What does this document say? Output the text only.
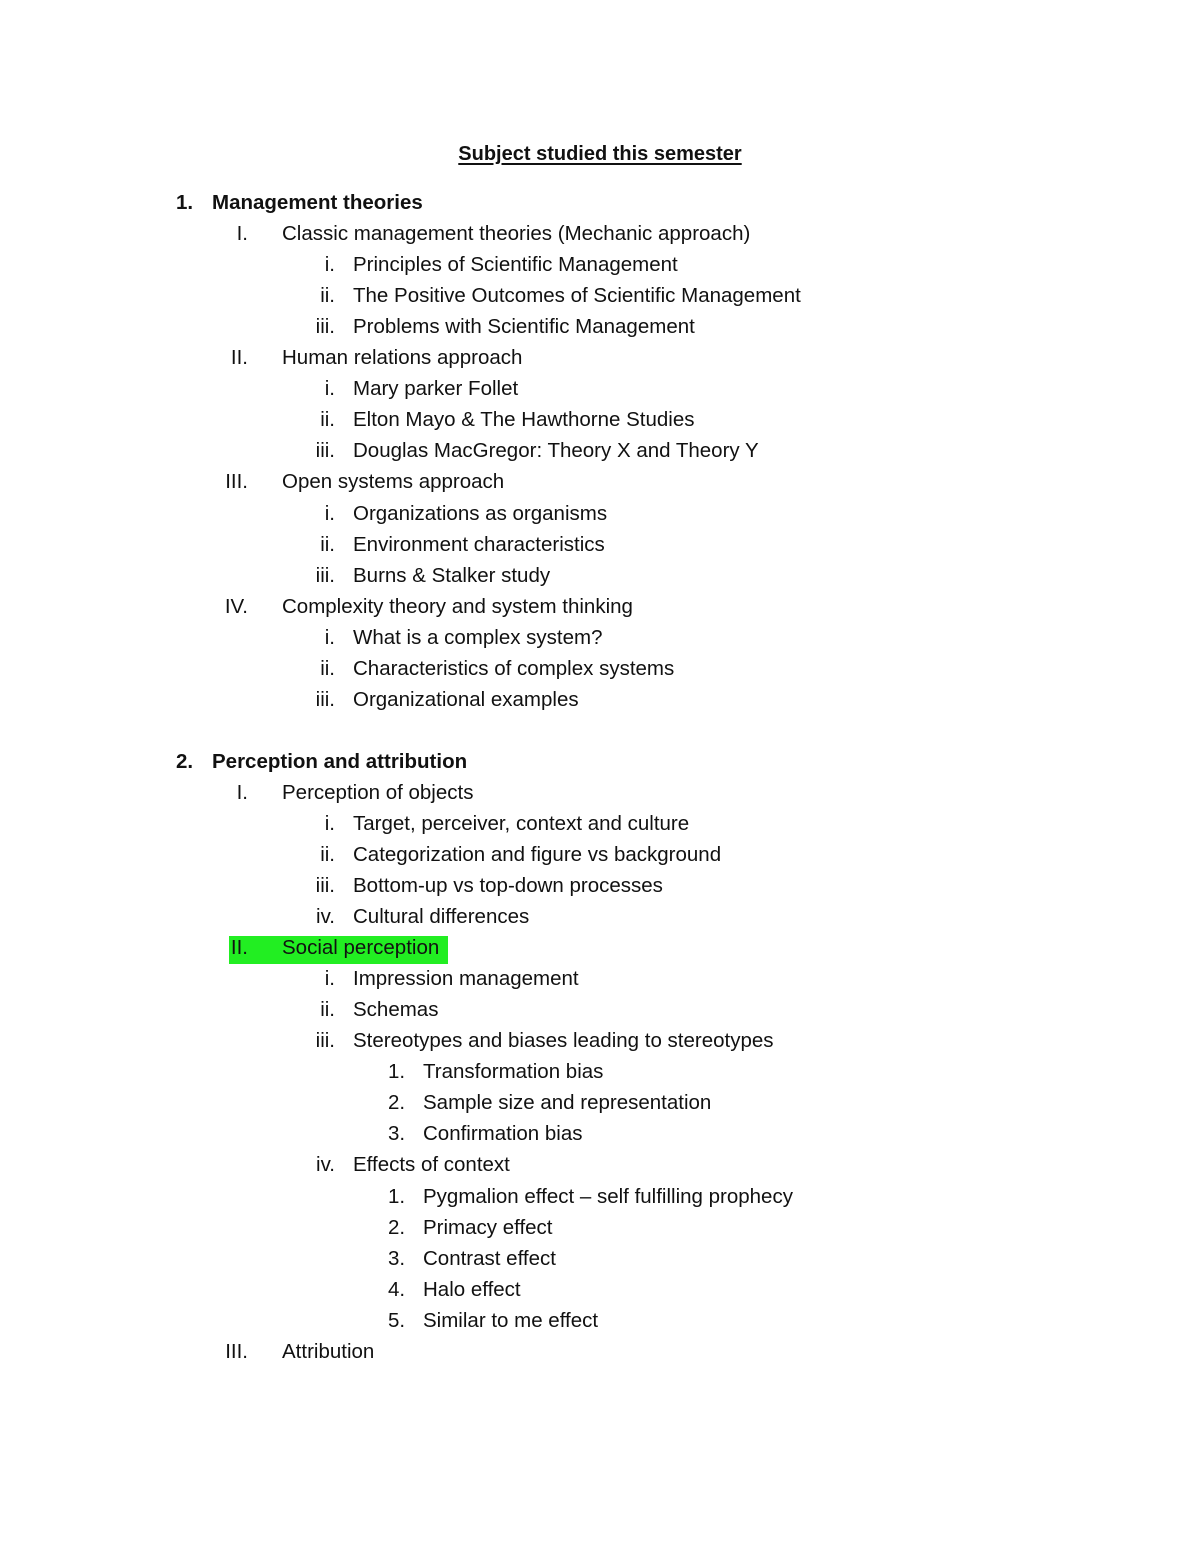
Subject studied this semester
1. Management theories
I. Classic management theories (Mechanic approach)
i. Principles of Scientific Management
ii. The Positive Outcomes of Scientific Management
iii. Problems with Scientific Management
II. Human relations approach
i. Mary parker Follet
ii. Elton Mayo & The Hawthorne Studies
iii. Douglas MacGregor: Theory X and Theory Y
III. Open systems approach
i. Organizations as organisms
ii. Environment characteristics
iii. Burns & Stalker study
IV. Complexity theory and system thinking
i. What is a complex system?
ii. Characteristics of complex systems
iii. Organizational examples
2. Perception and attribution
I. Perception of objects
i. Target, perceiver, context and culture
ii. Categorization and figure vs background
iii. Bottom-up vs top-down processes
iv. Cultural differences
II. Social perception
i. Impression management
ii. Schemas
iii. Stereotypes and biases leading to stereotypes
1. Transformation bias
2. Sample size and representation
3. Confirmation bias
iv. Effects of context
1. Pygmalion effect – self fulfilling prophecy
2. Primacy effect
3. Contrast effect
4. Halo effect
5. Similar to me effect
III. Attribution
